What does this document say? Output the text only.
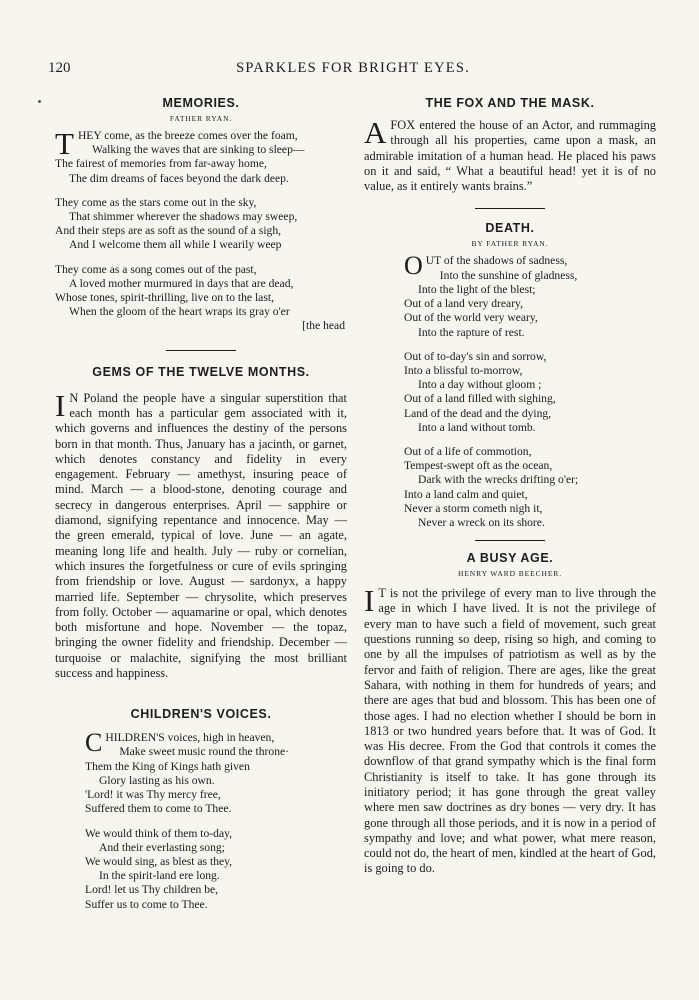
120	SPARKLES FOR BRIGHT EYES.
MEMORIES.
FATHER RYAN.
T HEY come, as the breeze comes over the foam,
Walking the waves that are sinking to sleep—
The fairest of memories from far-away home,
The dim dreams of faces beyond the dark deep.
They come as the stars come out in the sky,
That shimmer wherever the shadows may sweep,
And their steps are as soft as the sound of a sigh,
And I welcome them all while I wearily weep
They come as a song comes out of the past,
A loved mother murmured in days that are dead,
Whose tones, spirit-thrilling, live on to the last,
When the gloom of the heart wraps its gray o'er
[the head
GEMS OF THE TWELVE MONTHS.
I N Poland the people have a singular superstition that each month has a particular gem associated with it, which governs and influences the destiny of the persons born in that month. Thus, January has a jacinth, or garnet, which denotes constancy and fidelity in every engagement. February — amethyst, insuring peace of mind. March — a blood-stone, denoting courage and secrecy in dangerous enterprises. April — sapphire or diamond, signifying repentance and innocence. May — the green emerald, typical of love. June — an agate, meaning long life and health. July — ruby or cornelian, which insures the forgetfulness or cure of evils springing from friendship or love. August — sardonyx, a happy married life. September — chrysolite, which preserves from folly. October — aquamarine or opal, which denotes both misfortune and hope. November — the topaz, bringing the owner fidelity and friendship. December — turquoise or malachite, signifying the most brilliant success and happiness.

CHILDREN'S VOICES.
C HILDREN'S voices, high in heaven,
Make sweet music round the throne·
Them the King of Kings hath given
Glory lasting as his own.
'Lord! it was Thy mercy free,
Suffered them to come to Thee.
We would think of them to-day,
And their everlasting song;
We would sing, as blest as they,
In the spirit-land ere long.
Lord! let us Thy children be,
Suffer us to come to Thee.
THE FOX AND THE MASK.
A FOX entered the house of an Actor, and rummaging through all his properties, came upon a mask, an admirable imitation of a human head. He placed his paws on it and said, “ What a beautiful head! yet it is of no value, as it entirely wants brains.”

DEATH.
BY FATHER RYAN.
O UT of the shadows of sadness,
Into the sunshine of gladness,
Into the light of the blest;
Out of a land very dreary,
Out of the world very weary,
Into the rapture of rest.
Out of to-day's sin and sorrow,
Into a blissful to-morrow,
Into a day without gloom ;
Out of a land filled with sighing,
Land of the dead and the dying,
Into a land without tomb.
Out of a life of commotion,
Tempest-swept oft as the ocean,
Dark with the wrecks drifting o'er;
Into a land calm and quiet,
Never a storm cometh nigh it,
Never a wreck on its shore.
A BUSY AGE.
HENRY WARD BEECHER.
I T is not the privilege of every man to live through the age in which I have lived. It is not the privilege of every man to have such a field of movement, such great questions running so deep, rising so high, and coming to one by all the impulses of patriotism as well as by the fervor and faith of religion. There are ages, like the great Sahara, with nothing in them for hundreds of years; and there are ages that bud and blossom. This has been one of those ages. I had no election whether I should be born in 1813 or two hundred years before that. It was of God. It was His decree. From the God that controls it comes the downflow of that grand sympathy which is the final form Christianity is itself to take. It has gone through its initiatory period; it has gone through the great valley where men saw doctrines as dry bones — very dry. It has gone through all those periods, and it is now in a period of sympathy and love; and what power, what mere reason, could not do, the heart of men, kindled at the heart of God, is going to do.
